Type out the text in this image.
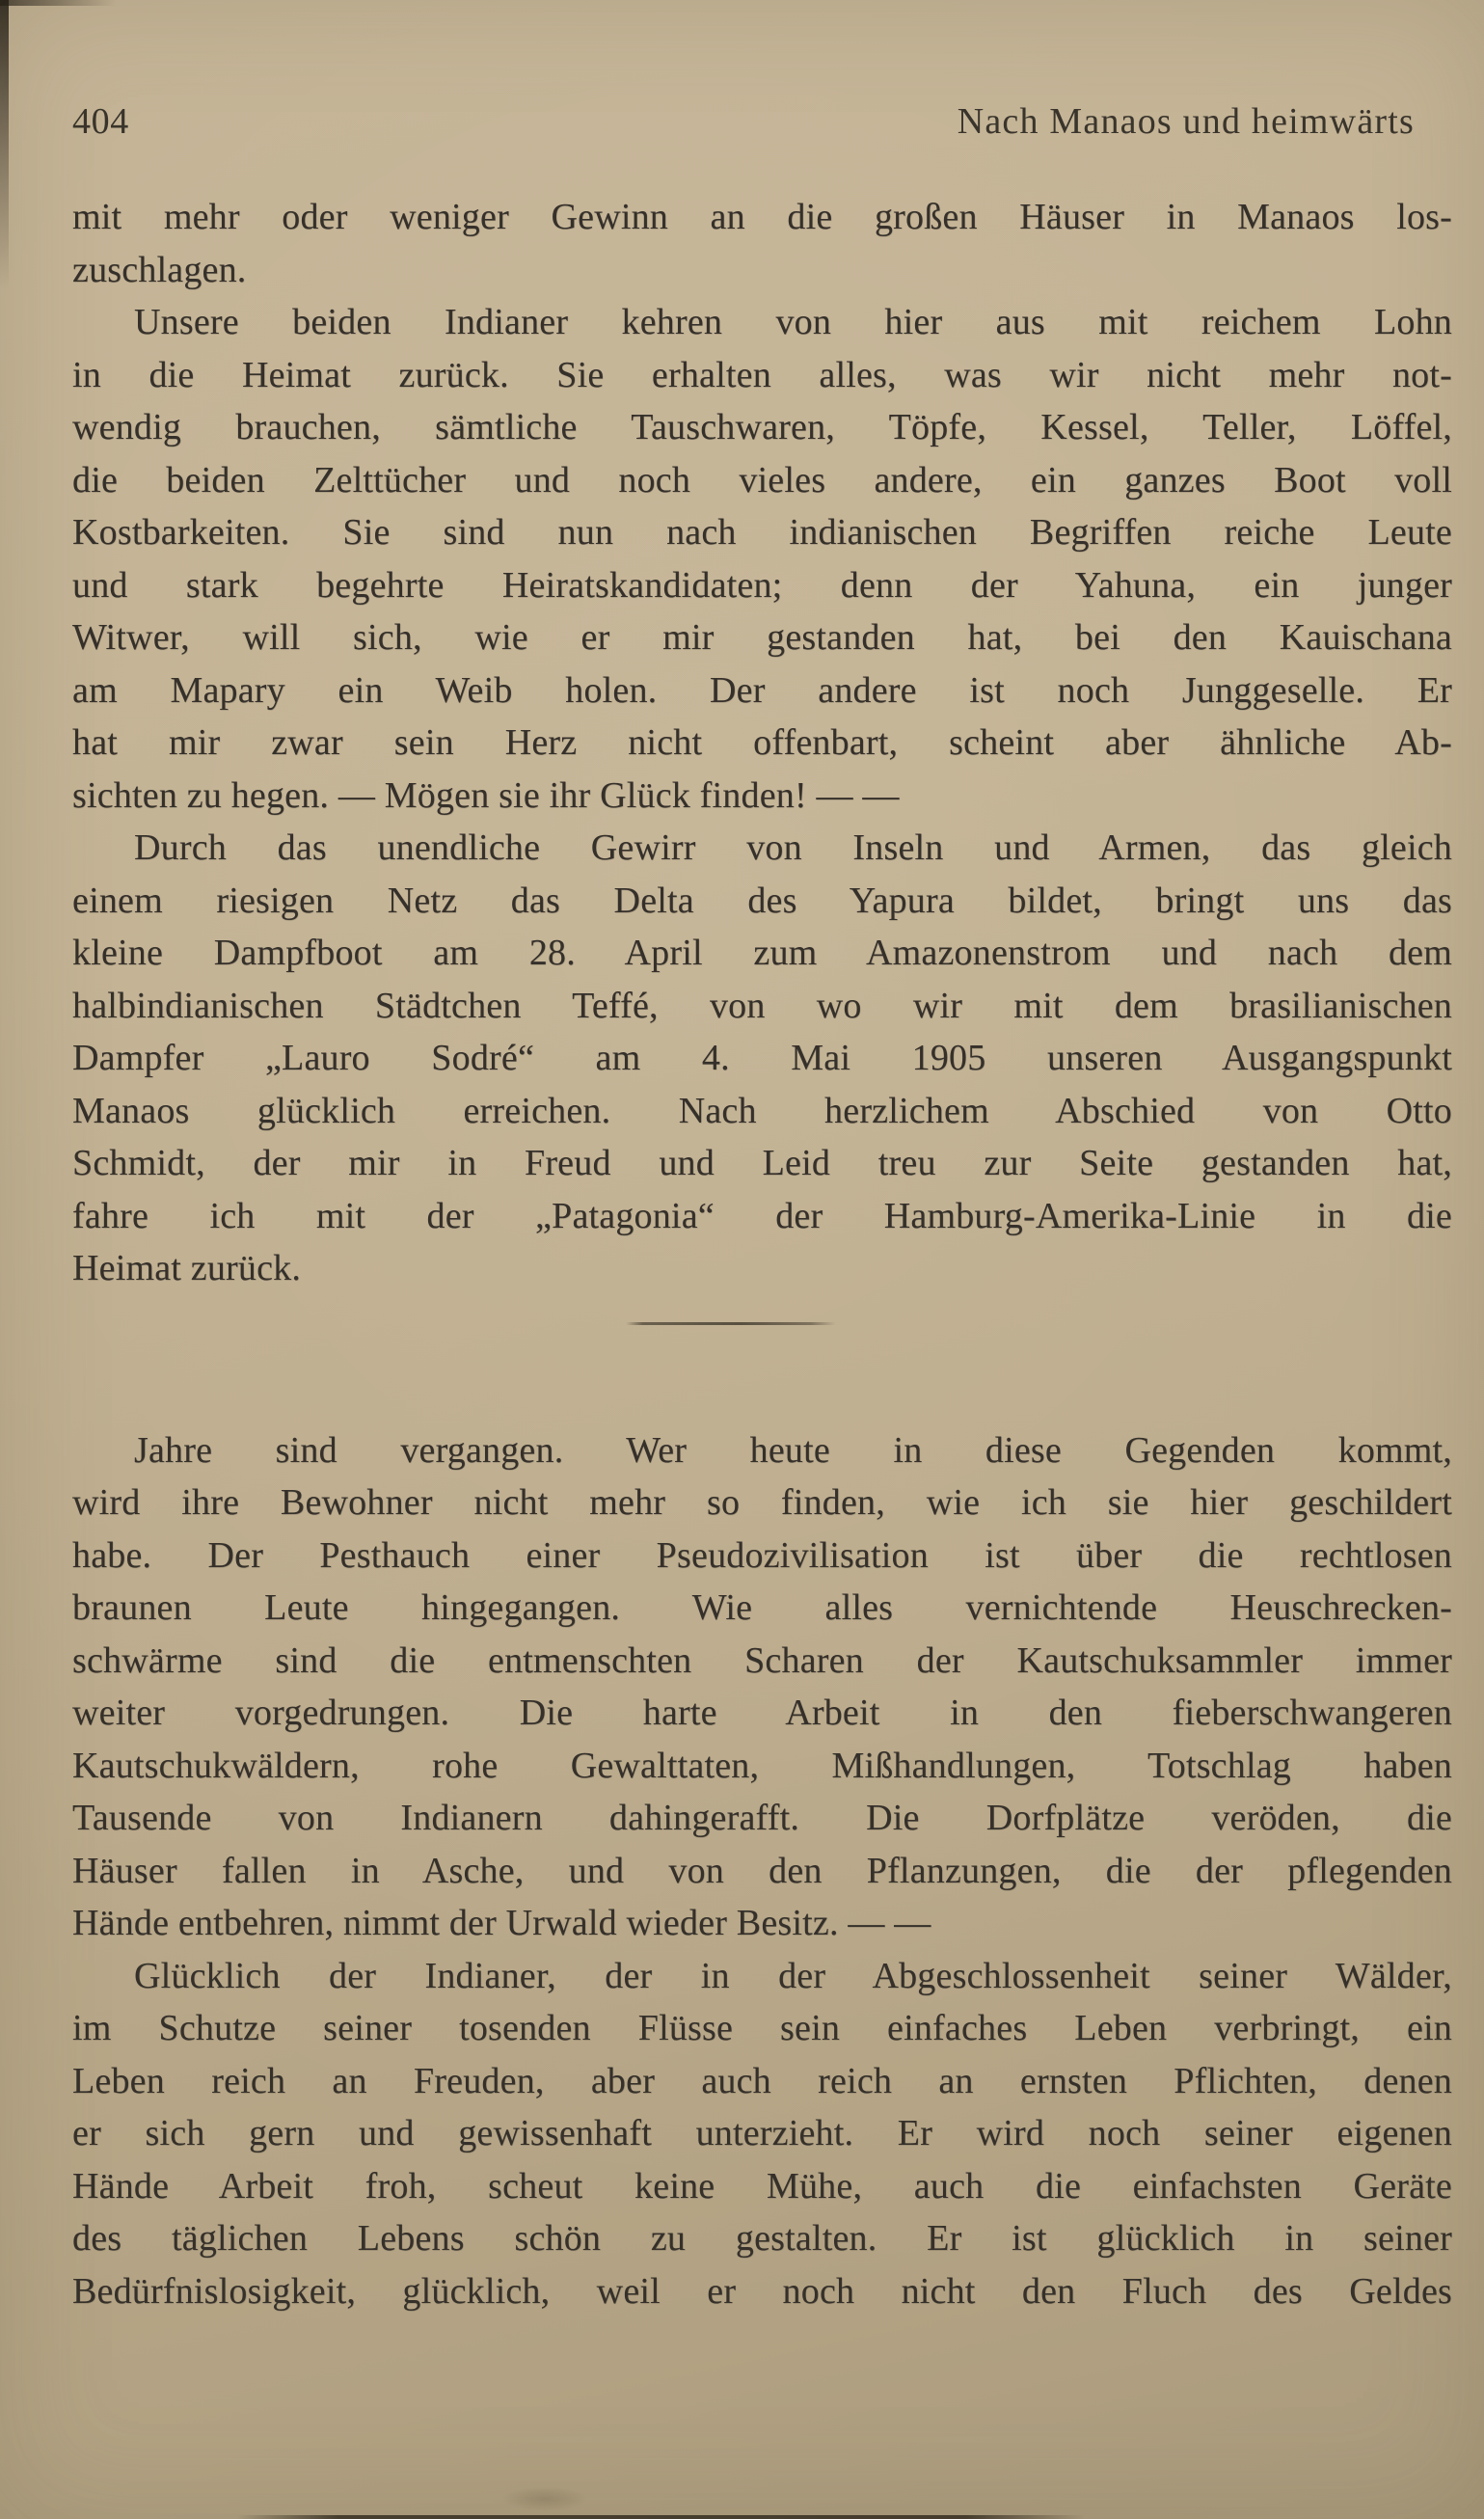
404	Nach Manaos und heimwärts
mit mehr oder weniger Gewinn an die großen Häuser in Manaos los-
zuschlagen.
Unsere beiden Indianer kehren von hier aus mit reichem Lohn
in die Heimat zurück. Sie erhalten alles, was wir nicht mehr not-
wendig brauchen, sämtliche Tauschwaren, Töpfe, Kessel, Teller, Löffel,
die beiden Zelttücher und noch vieles andere, ein ganzes Boot voll
Kostbarkeiten. Sie sind nun nach indianischen Begriffen reiche Leute
und stark begehrte Heiratskandidaten; denn der Yahuna, ein junger
Witwer, will sich, wie er mir gestanden hat, bei den Kauischana
am Mapary ein Weib holen. Der andere ist noch Junggeselle. Er
hat mir zwar sein Herz nicht offenbart, scheint aber ähnliche Ab-
sichten zu hegen. — Mögen sie ihr Glück finden! — —
Durch das unendliche Gewirr von Inseln und Armen, das gleich
einem riesigen Netz das Delta des Yapura bildet, bringt uns das
kleine Dampfboot am 28. April zum Amazonenstrom und nach dem
halbindianischen Städtchen Teffé, von wo wir mit dem brasilianischen
Dampfer „Lauro Sodré“ am 4. Mai 1905 unseren Ausgangspunkt
Manaos glücklich erreichen. Nach herzlichem Abschied von Otto
Schmidt, der mir in Freud und Leid treu zur Seite gestanden hat,
fahre ich mit der „Patagonia“ der Hamburg-Amerika-Linie in die
Heimat zurück.
Jahre sind vergangen. Wer heute in diese Gegenden kommt,
wird ihre Bewohner nicht mehr so finden, wie ich sie hier geschildert
habe. Der Pesthauch einer Pseudozivilisation ist über die rechtlosen
braunen Leute hingegangen. Wie alles vernichtende Heuschrecken-
schwärme sind die entmenschten Scharen der Kautschuksammler immer
weiter vorgedrungen. Die harte Arbeit in den fieberschwangeren
Kautschukwäldern, rohe Gewalttaten, Mißhandlungen, Totschlag haben
Tausende von Indianern dahingerafft. Die Dorfplätze veröden, die
Häuser fallen in Asche, und von den Pflanzungen, die der pflegenden
Hände entbehren, nimmt der Urwald wieder Besitz. — —
Glücklich der Indianer, der in der Abgeschlossenheit seiner Wälder,
im Schutze seiner tosenden Flüsse sein einfaches Leben verbringt, ein
Leben reich an Freuden, aber auch reich an ernsten Pflichten, denen
er sich gern und gewissenhaft unterzieht. Er wird noch seiner eigenen
Hände Arbeit froh, scheut keine Mühe, auch die einfachsten Geräte
des täglichen Lebens schön zu gestalten. Er ist glücklich in seiner
Bedürfnislosigkeit, glücklich, weil er noch nicht den Fluch des Geldes
